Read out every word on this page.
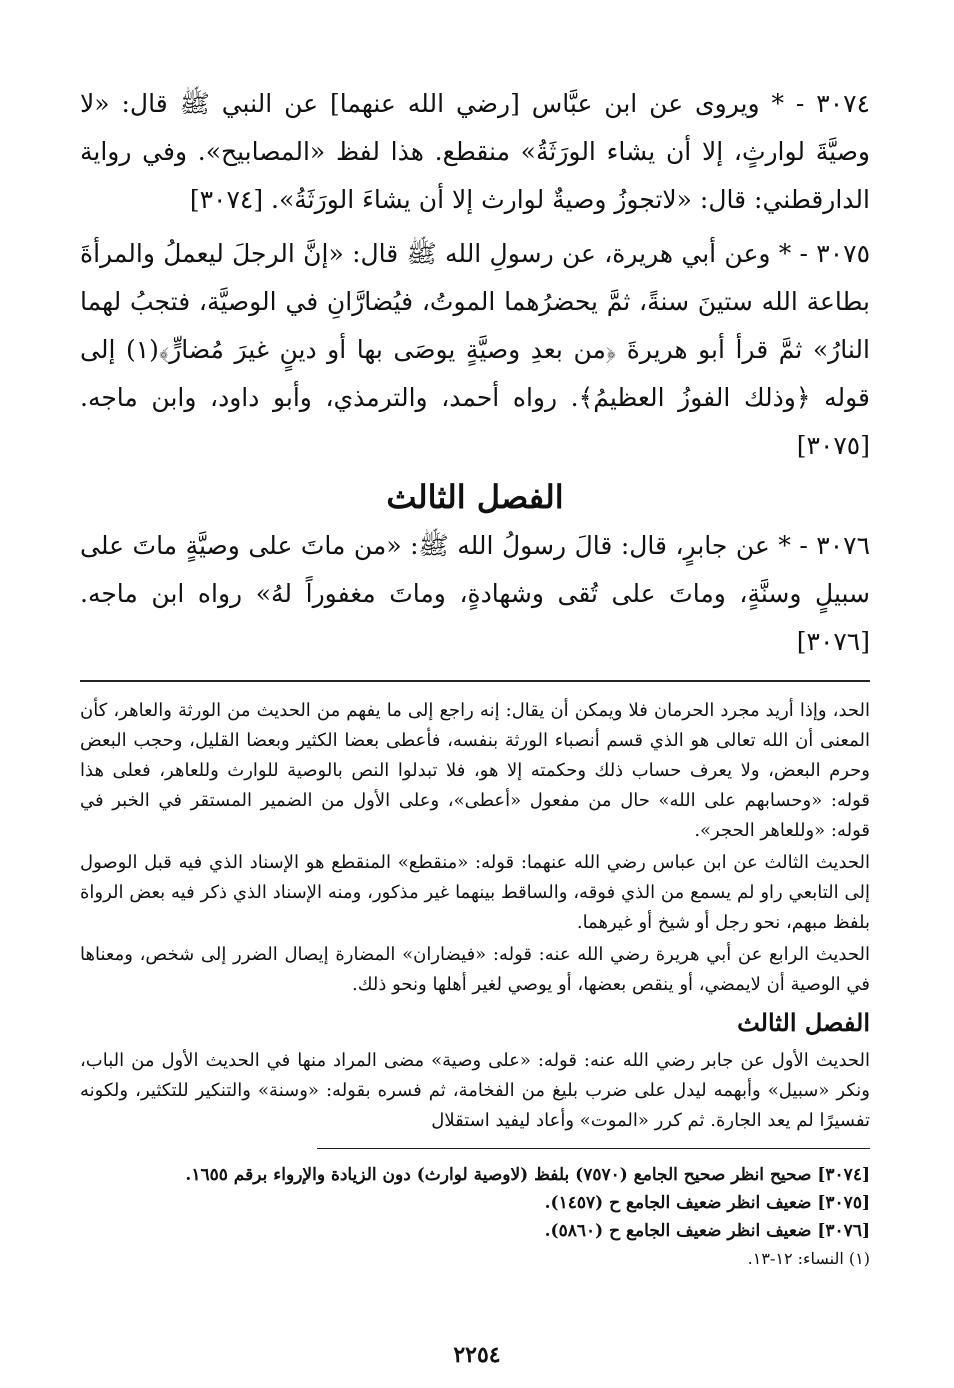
٣٠٧٤ - * ويروى عن ابن عبَّاس [رضي الله عنهما] عن النبي ﷺ قال: «لا وصيَّةَ لوارثٍ، إلا أن يشاء الورَثَةُ» منقطع. هذا لفظ «المصابيح». وفي رواية الدارقطني: قال: «لاتجوزُ وصيةٌ لوارث إلا أن يشاءَ الورَثَةُ». [٣٠٧٤]

٣٠٧٥ - * وعن أبي هريرة، عن رسولِ الله ﷺ قال: «إنَّ الرجلَ ليعملُ والمرأةَ بطاعة الله ستينَ سنةً، ثمَّ يحضرُهما الموتُ، فيُضارَّانِ في الوصيَّة، فتجبُ لهما النارُ» ثمَّ قرأ أبو هريرةَ ﴿من بعدِ وصيَّةٍ يوصَى بها أو دينٍ غيرَ مُضارٍّ﴾(١) إلى قوله ﴿وذلك الفوزُ العظيمُ﴾. رواه أحمد، والترمذي، وأبو داود، وابن ماجه. [٣٠٧٥]

الفصل الثالث

٣٠٧٦ - * عن جابرٍ، قال: قالَ رسولُ الله ﷺ: «من ماتَ على وصيَّةٍ ماتَ على سبيلٍ وسنَّةٍ، وماتَ على تُقى وشهادةٍ، وماتَ مغفوراً لهُ» رواه ابن ماجه. [٣٠٧٦]

الحد، وإذا أريد مجرد الحرمان فلا ويمكن أن يقال: إنه راجع إلى ما يفهم من الحديث من الورثة والعاهر، كأن المعنى أن الله تعالى هو الذي قسم أنصباء الورثة بنفسه، فأعطى بعضا الكثير وبعضا القليل، وحجب البعض وحرم البعض، ولا يعرف حساب ذلك وحكمته إلا هو، فلا تبدلوا النص بالوصية للوارث وللعاهر، فعلى هذا قوله: «وحسابهم على الله» حال من مفعول «أعطى»، وعلى الأول من الضمير المستقر في الخبر في قوله: «وللعاهر الحجر».

الحديث الثالث عن ابن عباس رضي الله عنهما: قوله: «منقطع» المنقطع هو الإسناد الذي فيه قبل الوصول إلى التابعي راو لم يسمع من الذي فوقه، والساقط بينهما غير مذكور، ومنه الإسناد الذي ذكر فيه بعض الرواة بلفظ مبهم، نحو رجل أو شيخ أو غيرهما.

الحديث الرابع عن أبي هريرة رضي الله عنه: قوله: «فيضاران» المضارة إيصال الضرر إلى شخص، ومعناها في الوصية أن لايمضي، أو ينقص بعضها، أو يوصي لغير أهلها ونحو ذلك.

الفصل الثالث

الحديث الأول عن جابر رضي الله عنه: قوله: «على وصية» مضى المراد منها في الحديث الأول من الباب، ونكر «سبيل» وأبهمه ليدل على ضرب بليغ من الفخامة، ثم فسره بقوله: «وسنة» والتنكير للتكثير، ولكونه تفسيرًا لم يعد الجارة. ثم كرر «الموت» وأعاد ليفيد استقلال

[٣٠٧٤] صحيح انظر صحيح الجامع (٧٥٧٠) بلفظ (لاوصية لوارث) دون الزيادة والإرواء برقم ١٦٥٥.

[٣٠٧٥] ضعيف انظر ضعيف الجامع ح (١٤٥٧).

[٣٠٧٦] ضعيف انظر ضعيف الجامع ح (٥٨٦٠).

(١) النساء: ١٢-١٣.

٢٢٥٤
